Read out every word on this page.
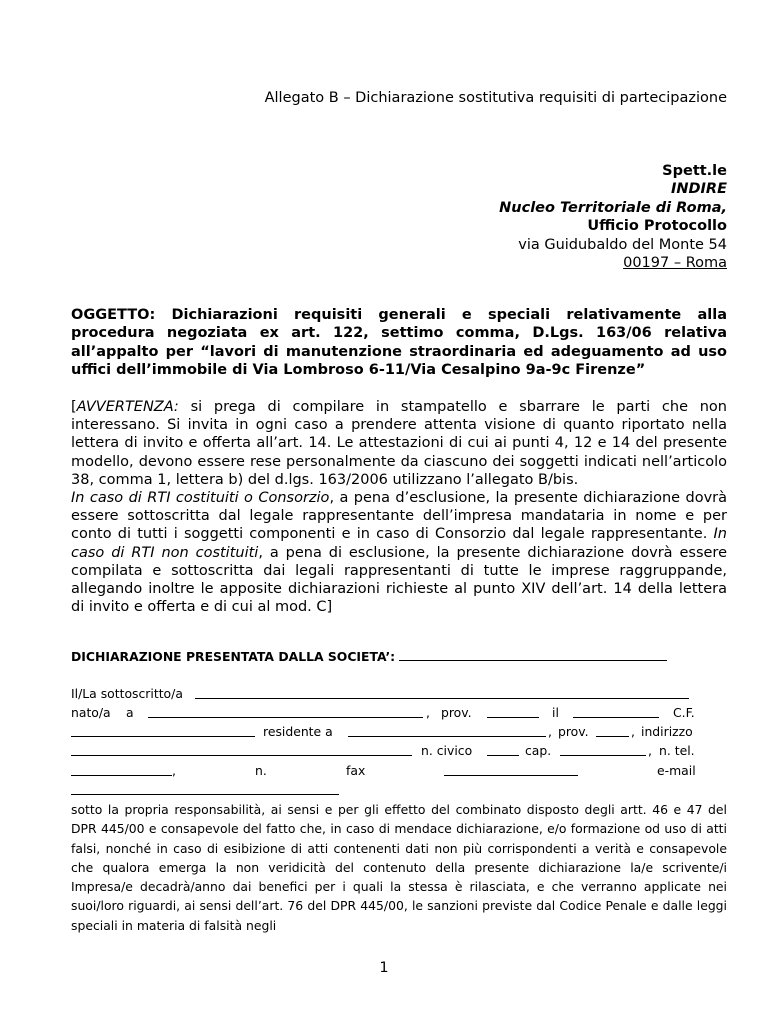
Allegato B – Dichiarazione sostitutiva requisiti di partecipazione
Spett.le
INDIRE
Nucleo Territoriale di Roma,
Ufficio Protocollo
via Guidubaldo del Monte 54
00197 – Roma

OGGETTO: Dichiarazioni requisiti generali e speciali relativamente alla procedura negoziata ex art. 122, settimo comma, D.Lgs. 163/06 relativa all’appalto per “lavori di manutenzione straordinaria ed adeguamento ad uso uffici dell’immobile di Via Lombroso 6-11/Via Cesalpino 9a-9c Firenze”

[AVVERTENZA: si prega di compilare in stampatello e sbarrare le parti che non interessano. Si invita in ogni caso a prendere attenta visione di quanto riportato nella lettera di invito e offerta all’art. 14. Le attestazioni di cui ai punti 4, 12 e 14 del presente modello, devono essere rese personalmente da ciascuno dei soggetti indicati nell’articolo 38, comma 1, lettera b) del d.lgs. 163/2006 utilizzano l’allegato B/bis.
In caso di RTI costituiti o Consorzio, a pena d’esclusione, la presente dichiarazione dovrà essere sottoscritta dal legale rappresentante dell’impresa mandataria in nome e per conto di tutti i soggetti componenti e in caso di Consorzio dal legale rappresentante. In caso di RTI non costituiti, a pena di esclusione, la presente dichiarazione dovrà essere compilata e sottoscritta dai legali rappresentanti di tutte le imprese raggruppande, allegando inoltre le apposite dichiarazioni richieste al punto XIV dell’art. 14 della lettera di invito e offerta e di cui al mod. C]

DICHIARAZIONE PRESENTATA DALLA SOCIETA’:
Il/La sottoscritto/a
nato/a a	, prov.	il	C.F.
residente a	, prov.	, indirizzo
n. civico	cap.	, n. tel.
,	n.	fax	e-mail

sotto la propria responsabilità, ai sensi e per gli effetto del combinato disposto degli artt. 46 e 47 del DPR 445/00 e consapevole del fatto che, in caso di mendace dichiarazione, e/o formazione od uso di atti falsi, nonché in caso di esibizione di atti contenenti dati non più corrispondenti a verità e consapevole che qualora emerga la non veridicità del contenuto della presente dichiarazione la/e scrivente/i Impresa/e decadrà/anno dai benefici per i quali la stessa è rilasciata, e che verranno applicate nei suoi/loro riguardi, ai sensi dell’art. 76 del DPR 445/00, le sanzioni previste dal Codice Penale e dalle leggi speciali in materia di falsità negli

1
